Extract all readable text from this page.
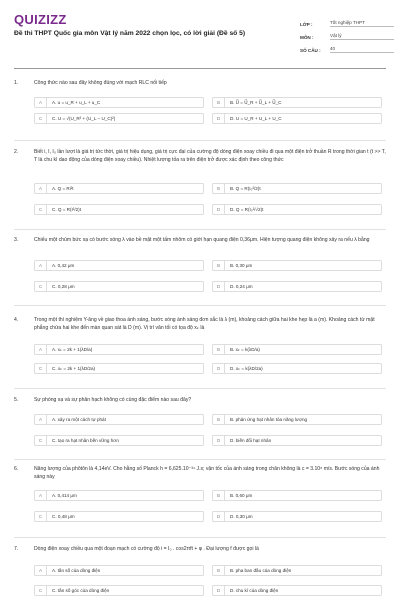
QUIZIZZ
Đề thi THPT Quốc gia môn Vật lý năm 2022 chọn lọc, có lời giải (Đề số 5)
LỚP :	Tốt nghiệp THPT
MÔN :	Vật lý
SỐ CÂU :	40
1.	Công thức nào sau đây không đúng với mạch RLC nối tiếp
A	A. u = u_R + u_L + u_C	B	B. U⃗ = U⃗_R + U⃗_L + U⃗_C
C	C. U = √(U_R² + (U_L − U_C)²)	D	D. U = U_R + U_L + U_C
2.	Biết i, I, I₀ lần lượt là giá trị tức thời, giá trị hiệu dụng, giá trị cực đại của cường độ dòng điện xoay chiều đi qua một điện trở thuần R trong thời gian t (t >> T, T là chu kì dao động của dòng điện xoay chiều). Nhiệt lượng tỏa ra trên điện trở được xác định theo công thức
A	A. Q = Ri²t	B	B. Q = R(I₀²/2)t
C	C. Q = R(I²/2)t	D	D. Q = R(I₀²/√2)t
3.	Chiếu một chùm bức xạ có bước sóng λ vào bề mặt một tấm nhôm có giới hạn quang điện 0,36μm. Hiện tượng quang điện không xảy ra nếu λ bằng
A	A. 0,42 μm	B	B. 0,30 μm
C	C. 0,28 μm	D	D. 0,24 μm
4.	Trong một thí nghiệm Y-âng về giao thoa ánh sáng, bước sóng ánh sáng đơn sắc là λ (m), khoảng cách giữa hai khe hẹp là a (m). Khoảng cách từ mặt phẳng chứa hai khe đến màn quan sát là D (m). Vị trí vân tối có tọa độ xₖ là
A	A. xₖ = 2k + 1(λD/a)	B	B. xₖ = k(λD/a)
C	C. xₖ = 2k + 1(λD/2a)	D	D. xₖ = k(λD/2a)
5.	Sự phóng xạ và sự phân hạch không có cùng đặc điểm nào sau đây?
A	A. xảy ra một cách tự phát	B	B. phản ứng hạt nhân tỏa năng lượng
C	C. tạo ra hạt nhân bền vững hơn	D	D. biến đổi hạt nhân
6.	Năng lượng của phôtôn là 4,14eV. Cho hằng số Planck h = 6,625.10⁻³⁴ J.s; vận tốc của ánh sáng trong chân không là c = 3.10⁸ m/s. Bước sóng của ánh sáng này
A	A. 0,414 μm	B	B. 0,60 μm
C	C. 0,48 μm	D	D. 0,30 μm
7.	Dòng điện xoay chiều qua một đoạn mạch có cường độ i = I₀ . cos2πft + φ . Đại lượng f được gọi là
A	A. tần số của dòng điện	B	B. pha ban đầu của dòng điện
C	C. tần số góc của dòng điện	D	D. chu kì của dòng điện
